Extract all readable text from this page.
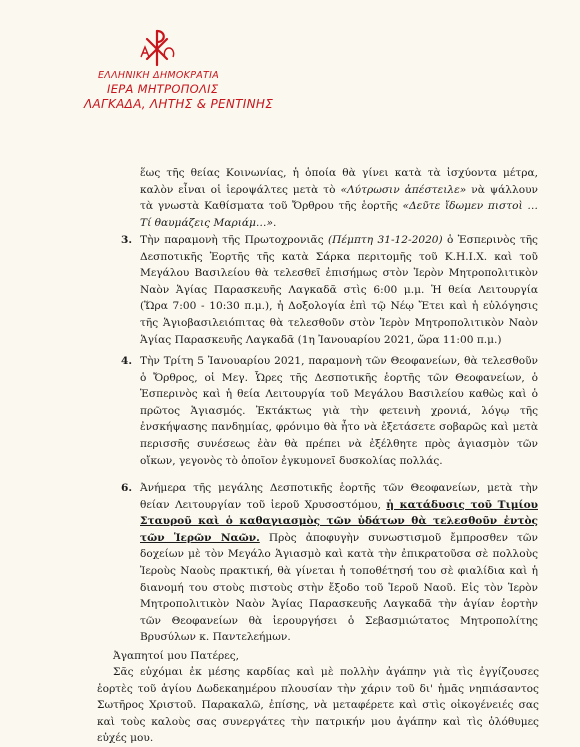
ΕΛΛΗΝΙΚΗ ΔΗΜΟΚΡΑΤΙΑ
ΙΕΡΑ ΜΗΤΡΟΠΟΛΙΣ
ΛΑΓΚΑΔΑ, ΛΗΤΗΣ & ΡΕΝΤΙΝΗΣ

ἕως τῆς θείας Κοινωνίας, ἡ ὁποία θὰ γίνει κατὰ τὰ ἰσχύοντα μέτρα, καλὸν εἶναι οἱ ἱεροψάλτες μετὰ τὸ «Λύτρωσιν ἀπέστειλε» νὰ ψάλλουν τὰ γνωστὰ Καθίσματα τοῦ Ὄρθρου τῆς ἑορτῆς «Δεῦτε ἴδωμεν πιστοὶ … Τί θαυμάζεις Μαριάμ…».

3. Τὴν παραμονὴ τῆς Πρωτοχρονιᾶς (Πέμπτη 31-12-2020) ὁ Ἑσπερινὸς τῆς Δεσποτικῆς Ἑορτῆς τῆς κατὰ Σάρκα περιτομῆς τοῦ Κ.Η.Ι.Χ. καὶ τοῦ Μεγάλου Βασιλείου θὰ τελεσθεῖ ἐπισήμως στὸν Ἱερὸν Μητροπολιτικὸν Ναὸν Ἁγίας Παρασκευῆς Λαγκαδᾶ στὶς 6:00 μ.μ. Ἡ θεία Λειτουργία (Ὥρα 7:00 - 10:30 π.μ.), ἡ Δοξολογία ἐπὶ τῷ Νέῳ Ἔτει καὶ ἡ εὐλόγησις τῆς Ἁγιοβασιλειόπιτας θὰ τελεσθοῦν στὸν Ἱερὸν Μητροπολιτικὸν Ναὸν Ἁγίας Παρασκευῆς Λαγκαδᾶ (1η Ἰανουαρίου 2021, ὥρα 11:00 π.μ.)

4. Τὴν Τρίτη 5 Ἰανουαρίου 2021, παραμονὴ τῶν Θεοφανείων, θὰ τελεσθοῦν ὁ Ὄρθρος, οἱ Μεγ. Ὧρες τῆς Δεσποτικῆς ἑορτῆς τῶν Θεοφανείων, ὁ Ἑσπερινὸς καὶ ἡ θεία Λειτουργία τοῦ Μεγάλου Βασιλείου καθὼς καὶ ὁ πρῶτος Ἁγιασμός. Ἐκτάκτως γιὰ τὴν φετεινὴ χρονιά, λόγῳ τῆς ἐνσκήψασης πανδημίας, φρόνιμο θὰ ἦτο νὰ ἐξετάσετε σοβαρῶς καὶ μετὰ περισσῆς συνέσεως ἐὰν θὰ πρέπει νὰ ἐξέλθητε πρὸς ἁγιασμὸν τῶν οἴκων, γεγονὸς τὸ ὁποῖον ἐγκυμονεῖ δυσκολίας πολλάς.

6. Ἀνήμερα τῆς μεγάλης Δεσποτικῆς ἑορτῆς τῶν Θεοφανείων, μετὰ τὴν θείαν Λειτουργίαν τοῦ ἱεροῦ Χρυσοστόμου, ἡ κατάδυσις τοῦ Τιμίου Σταυροῦ καὶ ὁ καθαγιασμὸς τῶν ὑδάτων θὰ τελεσθοῦν ἐντὸς τῶν Ἱερῶν Ναῶν. Πρὸς ἀποφυγὴν συνωστισμοῦ ἔμπροσθεν τῶν δοχείων μὲ τὸν Μεγάλο Ἁγιασμὸ καὶ κατὰ τὴν ἐπικρατοῦσα σὲ πολλοὺς Ἱεροὺς Ναοὺς πρακτική, θὰ γίνεται ἡ τοποθέτησή του σὲ φιαλίδια καὶ ἡ διανομή του στοὺς πιστοὺς στὴν ἔξοδο τοῦ Ἱεροῦ Ναοῦ. Εἰς τὸν Ἱερὸν Μητροπολιτικὸν Ναὸν Ἁγίας Παρασκευῆς Λαγκαδᾶ τὴν ἁγίαν ἑορτὴν τῶν Θεοφανείων θὰ ἱερουργήσει ὁ Σεβασμιώτατος Μητροπολίτης Βρυσύλων κ. Παντελεήμων.

Ἀγαπητοί μου Πατέρες,

Σᾶς εὐχόμαι ἐκ μέσης καρδίας καὶ μὲ πολλὴν ἀγάπην γιὰ τὶς ἐγγίζουσες ἑορτὲς τοῦ ἁγίου Δωδεκαημέρου πλουσίαν τὴν χάριν τοῦ δι' ἡμᾶς νηπιάσαντος Σωτῆρος Χριστοῦ. Παρακαλῶ, ἐπίσης, νὰ μεταφέρετε καὶ στὶς οἰκογένειές σας καὶ τοὺς καλοὺς σας συνεργάτες τὴν πατρικήν μου ἀγάπην καὶ τὶς ὁλόθυμες εὐχές μου.
